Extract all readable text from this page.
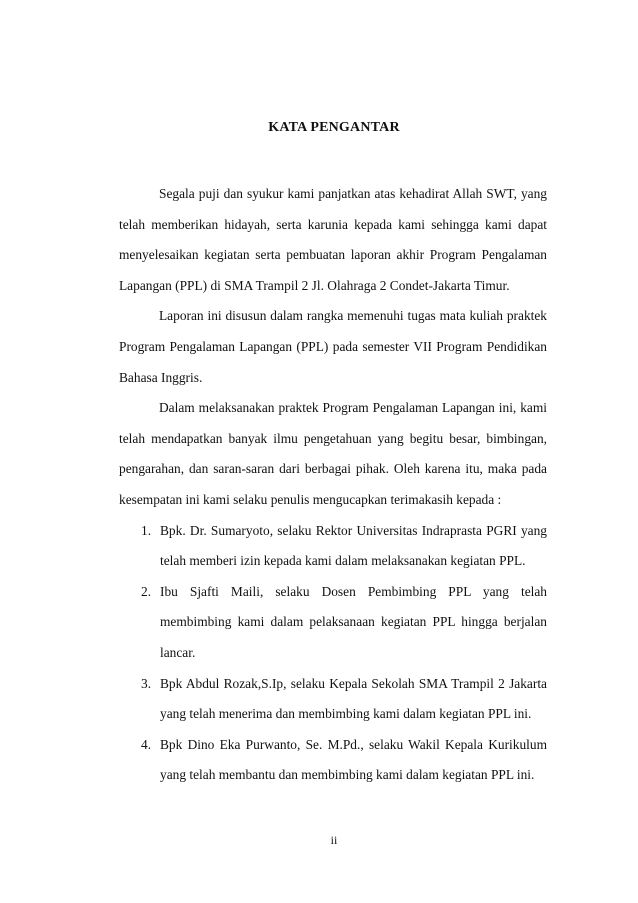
KATA PENGANTAR

Segala puji dan syukur kami panjatkan atas kehadirat Allah SWT, yang telah memberikan hidayah, serta karunia kepada kami sehingga kami dapat menyelesaikan kegiatan serta pembuatan laporan akhir Program Pengalaman Lapangan (PPL) di SMA Trampil 2 Jl. Olahraga 2 Condet-Jakarta Timur.

Laporan ini disusun dalam rangka memenuhi tugas mata kuliah praktek Program Pengalaman Lapangan (PPL) pada semester VII Program Pendidikan Bahasa Inggris.

Dalam melaksanakan praktek Program Pengalaman Lapangan ini, kami telah mendapatkan banyak ilmu pengetahuan yang begitu besar, bimbingan, pengarahan, dan saran-saran dari berbagai pihak. Oleh karena itu, maka pada kesempatan ini kami selaku penulis mengucapkan terimakasih kepada :

1. Bpk. Dr. Sumaryoto, selaku Rektor Universitas Indraprasta PGRI yang telah memberi izin kepada kami dalam melaksanakan kegiatan PPL.
2. Ibu Sjafti Maili, selaku Dosen Pembimbing PPL yang telah membimbing kami dalam pelaksanaan kegiatan PPL hingga berjalan lancar.
3. Bpk Abdul Rozak,S.Ip, selaku Kepala Sekolah SMA Trampil 2 Jakarta yang telah menerima dan membimbing kami dalam kegiatan PPL ini.
4. Bpk Dino Eka Purwanto, Se. M.Pd., selaku Wakil Kepala Kurikulum yang telah membantu dan membimbing kami dalam kegiatan PPL ini.
ii
